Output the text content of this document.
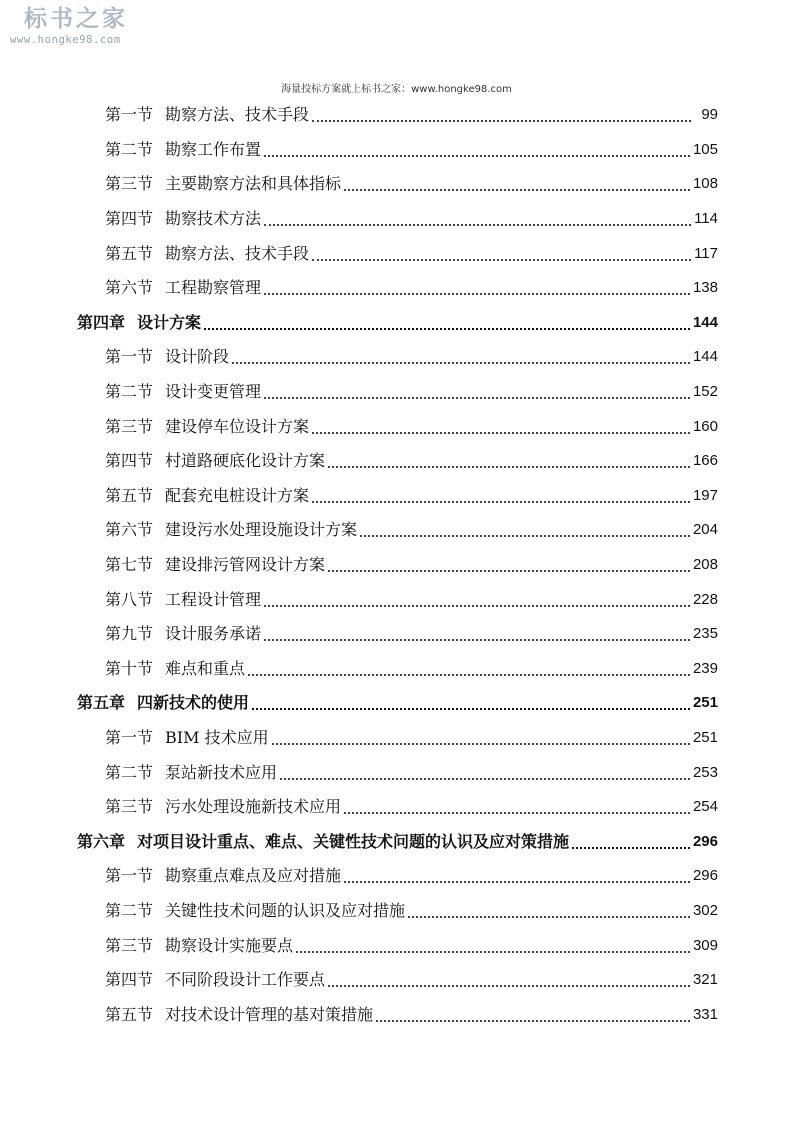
标书之家
www.hongke98.com
海量投标方案就上标书之家：www.hongke98.com
第一节 勘察方法、技术手段	99
第二节 勘察工作布置	105
第三节 主要勘察方法和具体指标	108
第四节 勘察技术方法	114
第五节 勘察方法、技术手段	117
第六节 工程勘察管理	138
第四章 设计方案	144
第一节 设计阶段	144
第二节 设计变更管理	152
第三节 建设停车位设计方案	160
第四节 村道路硬底化设计方案	166
第五节 配套充电桩设计方案	197
第六节 建设污水处理设施设计方案	204
第七节 建设排污管网设计方案	208
第八节 工程设计管理	228
第九节 设计服务承诺	235
第十节 难点和重点	239
第五章 四新技术的使用	251
第一节 BIM 技术应用	251
第二节 泵站新技术应用	253
第三节 污水处理设施新技术应用	254
第六章 对项目设计重点、难点、关键性技术问题的认识及应对策措施	296
第一节 勘察重点难点及应对措施	296
第二节 关键性技术问题的认识及应对措施	302
第三节 勘察设计实施要点	309
第四节 不同阶段设计工作要点	321
第五节 对技术设计管理的基对策措施	331
